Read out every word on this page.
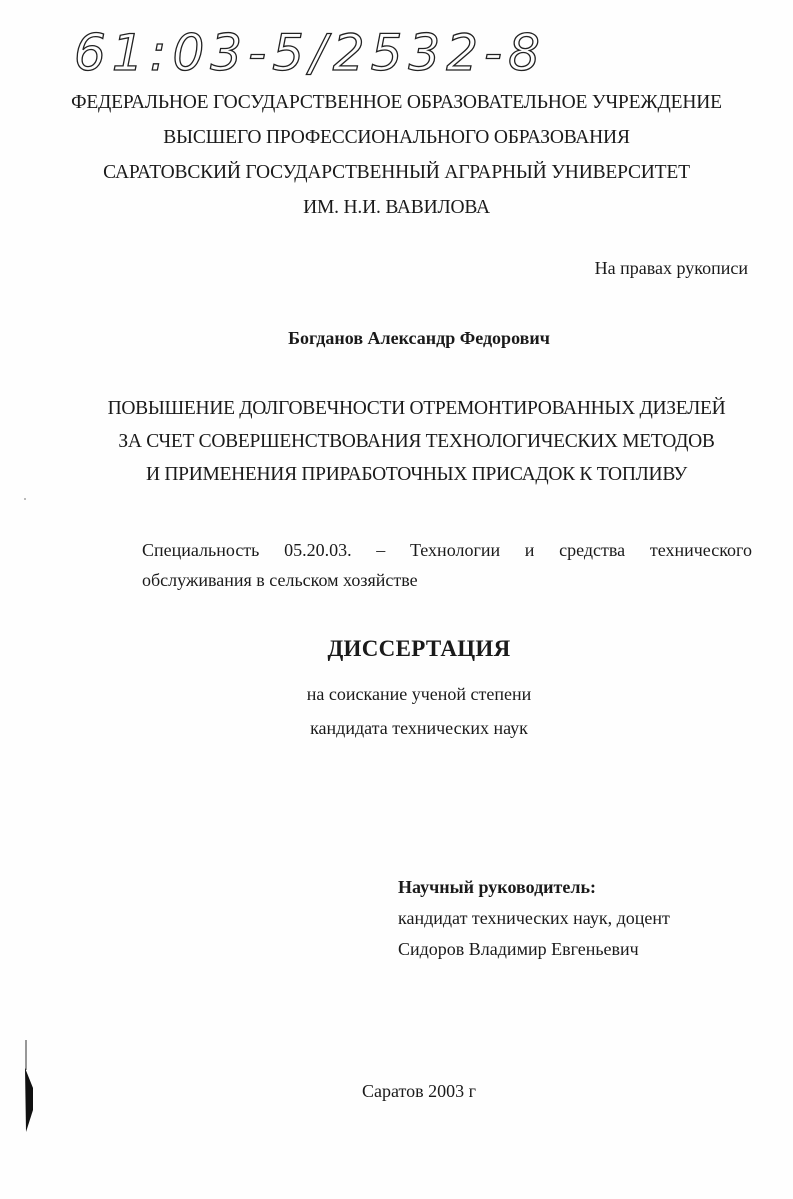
61:03-5/2532-8
ФЕДЕРАЛЬНОЕ ГОСУДАРСТВЕННОЕ ОБРАЗОВАТЕЛЬНОЕ УЧРЕЖДЕНИЕ
ВЫСШЕГО ПРОФЕССИОНАЛЬНОГО ОБРАЗОВАНИЯ
САРАТОВСКИЙ ГОСУДАРСТВЕННЫЙ АГРАРНЫЙ УНИВЕРСИТЕТ
ИМ. Н.И. ВАВИЛОВА
На правах рукописи
Богданов Александр Федорович
ПОВЫШЕНИЕ ДОЛГОВЕЧНОСТИ ОТРЕМОНТИРОВАННЫХ ДИЗЕЛЕЙ
ЗА СЧЕТ СОВЕРШЕНСТВОВАНИЯ ТЕХНОЛОГИЧЕСКИХ МЕТОДОВ
И ПРИМЕНЕНИЯ ПРИРАБОТОЧНЫХ ПРИСАДОК К ТОПЛИВУ
Специальность 05.20.03. – Технологии и средства технического
обслуживания в сельском хозяйстве
ДИССЕРТАЦИЯ
на соискание ученой степени
кандидата технических наук
Научный руководитель:
кандидат технических наук, доцент
Сидоров Владимир Евгеньевич
Саратов 2003 г
